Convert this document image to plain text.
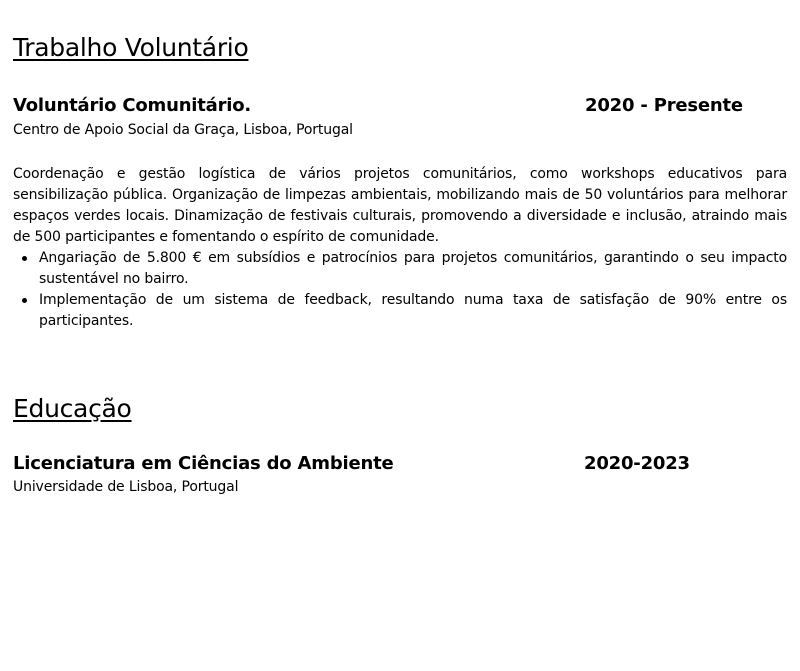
Trabalho Voluntário
Voluntário Comunitário.	2020 - Presente

Centro de Apoio Social da Graça, Lisboa, Portugal

Coordenação e gestão logística de vários projetos comunitários, como workshops educativos para sensibilização pública. Organização de limpezas ambientais, mobilizando mais de 50 voluntários para melhorar espaços verdes locais. Dinamização de festivais culturais, promovendo a diversidade e inclusão, atraindo mais de 500 participantes e fomentando o espírito de comunidade.

Angariação de 5.800 € em subsídios e patrocínios para projetos comunitários, garantindo o seu impacto sustentável no bairro.
Implementação de um sistema de feedback, resultando numa taxa de satisfação de 90% entre os participantes.
Educação
Licenciatura em Ciências do Ambiente	2020-2023

Universidade de Lisboa, Portugal
